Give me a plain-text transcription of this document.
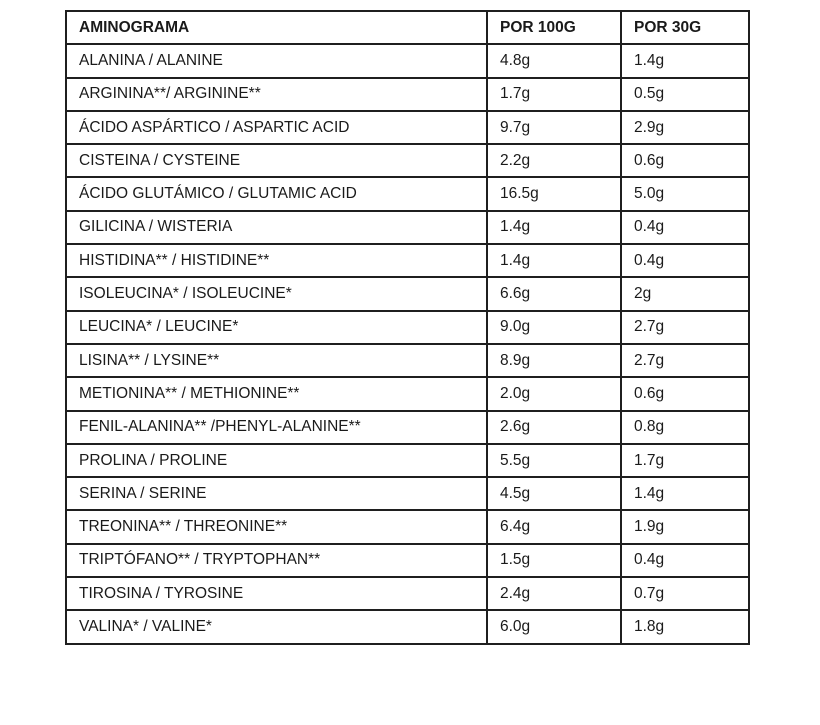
AMINOGRAMA	POR 100G	POR 30G
ALANINA / ALANINE	4.8g	1.4g
ARGININA**/ ARGININE**	1.7g	0.5g
ÁCIDO ASPÁRTICO / ASPARTIC ACID	9.7g	2.9g
CISTEINA / CYSTEINE	2.2g	0.6g
ÁCIDO GLUTÁMICO / GLUTAMIC ACID	16.5g	5.0g
GILICINA / WISTERIA	1.4g	0.4g
HISTIDINA** / HISTIDINE**	1.4g	0.4g
ISOLEUCINA* / ISOLEUCINE*	6.6g	2g
LEUCINA* / LEUCINE*	9.0g	2.7g
LISINA** / LYSINE**	8.9g	2.7g
METIONINA** / METHIONINE**	2.0g	0.6g
FENIL-ALANINA** /PHENYL-ALANINE**	2.6g	0.8g
PROLINA / PROLINE	5.5g	1.7g
SERINA / SERINE	4.5g	1.4g
TREONINA** / THREONINE**	6.4g	1.9g
TRIPTÓFANO** / TRYPTOPHAN**	1.5g	0.4g
TIROSINA / TYROSINE	2.4g	0.7g
VALINA* / VALINE*	6.0g	1.8g
